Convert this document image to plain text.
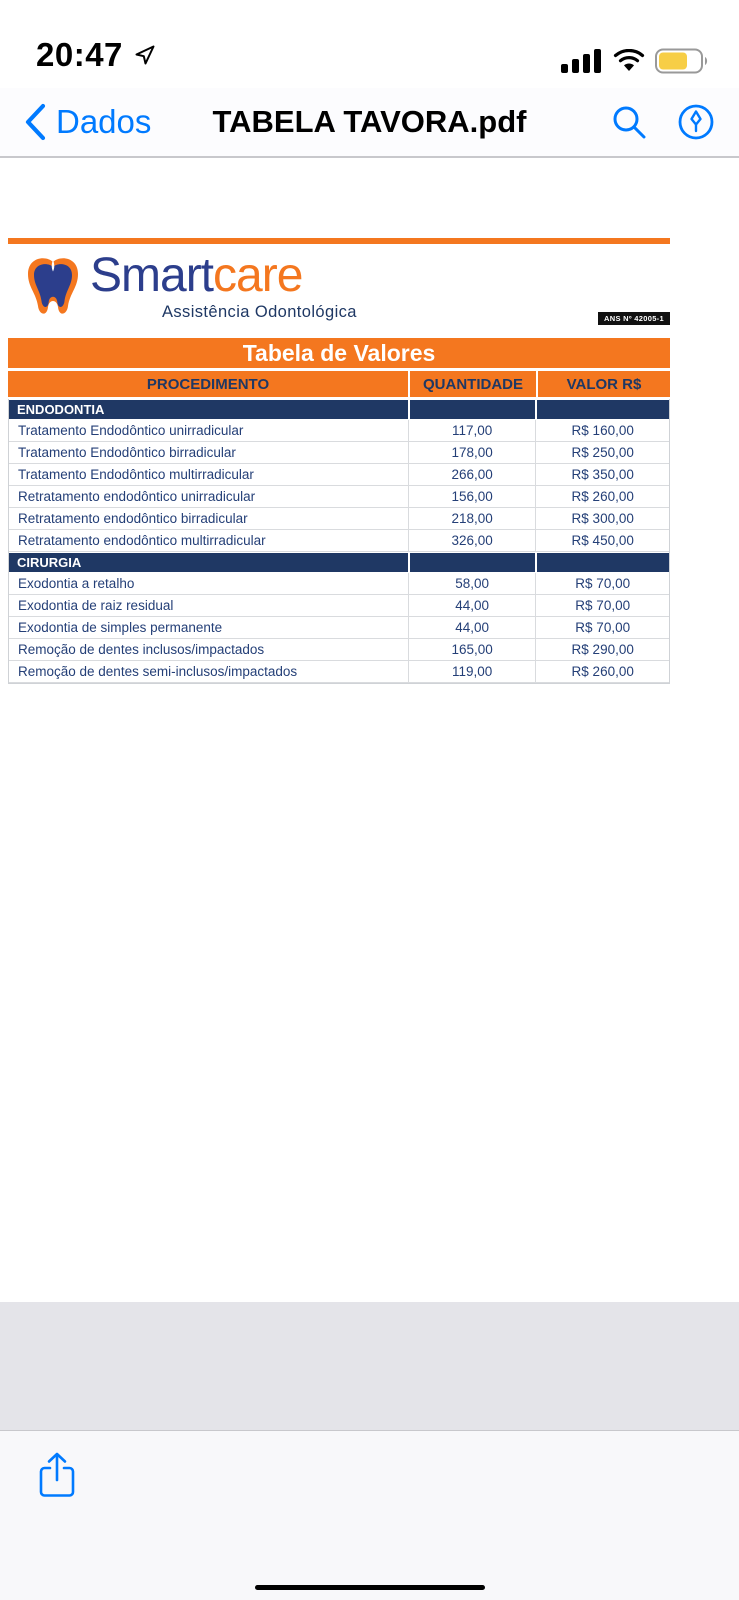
20:47
Dados TABELA TAVORA.pdf
Smartcare
Assistência Odontológica	ANS Nº 42005-1
Tabela de Valores
PROCEDIMENTO	QUANTIDADE	VALOR R$
ENDODONTIA
Tratamento Endodôntico unirradicular	117,00	R$ 160,00
Tratamento Endodôntico birradicular	178,00	R$ 250,00
Tratamento Endodôntico multirradicular	266,00	R$ 350,00
Retratamento endodôntico unirradicular	156,00	R$ 260,00
Retratamento endodôntico birradicular	218,00	R$ 300,00
Retratamento endodôntico multirradicular	326,00	R$ 450,00
CIRURGIA
Exodontia a retalho	58,00	R$ 70,00
Exodontia de raiz residual	44,00	R$ 70,00
Exodontia de simples permanente	44,00	R$ 70,00
Remoção de dentes inclusos/impactados	165,00	R$ 290,00
Remoção de dentes semi-inclusos/impactados	119,00	R$ 260,00
